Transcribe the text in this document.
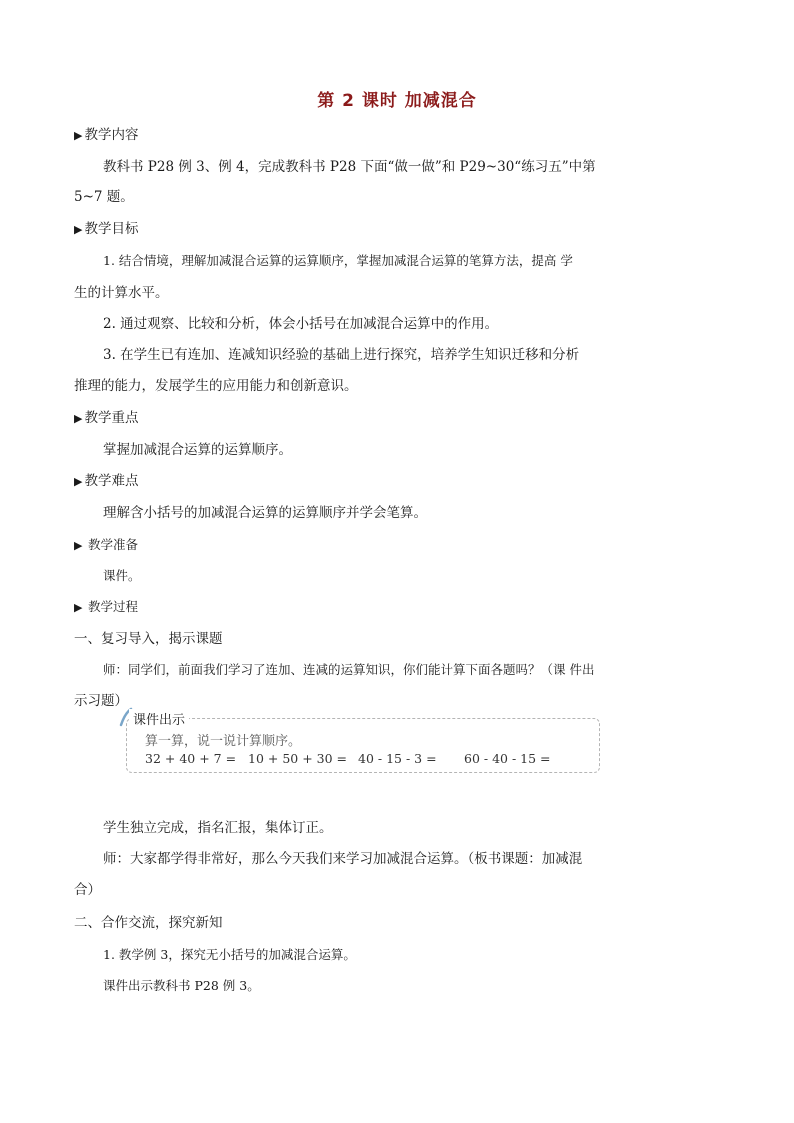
第 2 课时 加减混合
▶ 教学内容
教科书 P28 例 3、例 4，完成教科书 P28 下面“做一做”和 P29~30“练习五”中第
5~7 题。
▶ 教学目标
1. 结合情境，理解加减混合运算的运算顺序，掌握加减混合运算的笔算方法，提高 学
生的计算水平。
2. 通过观察、比较和分析，体会小括号在加减混合运算中的作用。
3. 在学生已有连加、连减知识经验的基础上进行探究，培养学生知识迁移和分析
推理的能力，发展学生的应用能力和创新意识。
▶ 教学重点
掌握加减混合运算的运算顺序。
▶ 教学难点
理解含小括号的加减混合运算的运算顺序并学会笔算。
▶ 教学准备
课件。
▶ 教学过程
一、复习导入，揭示课题
师：同学们，前面我们学习了连加、连减的运算知识，你们能计算下面各题吗？（课 件出
示习题）
课件出示
算一算，说一说计算顺序。
32 + 40 + 7 = 10 + 50 + 30 = 40 - 15 - 3 = 60 - 40 - 15 =
学生独立完成，指名汇报，集体订正。
师：大家都学得非常好，那么今天我们来学习加减混合运算。（板书课题：加减混
合）
二、合作交流，探究新知
1. 教学例 3，探究无小括号的加减混合运算。
课件出示教科书 P28 例 3。
